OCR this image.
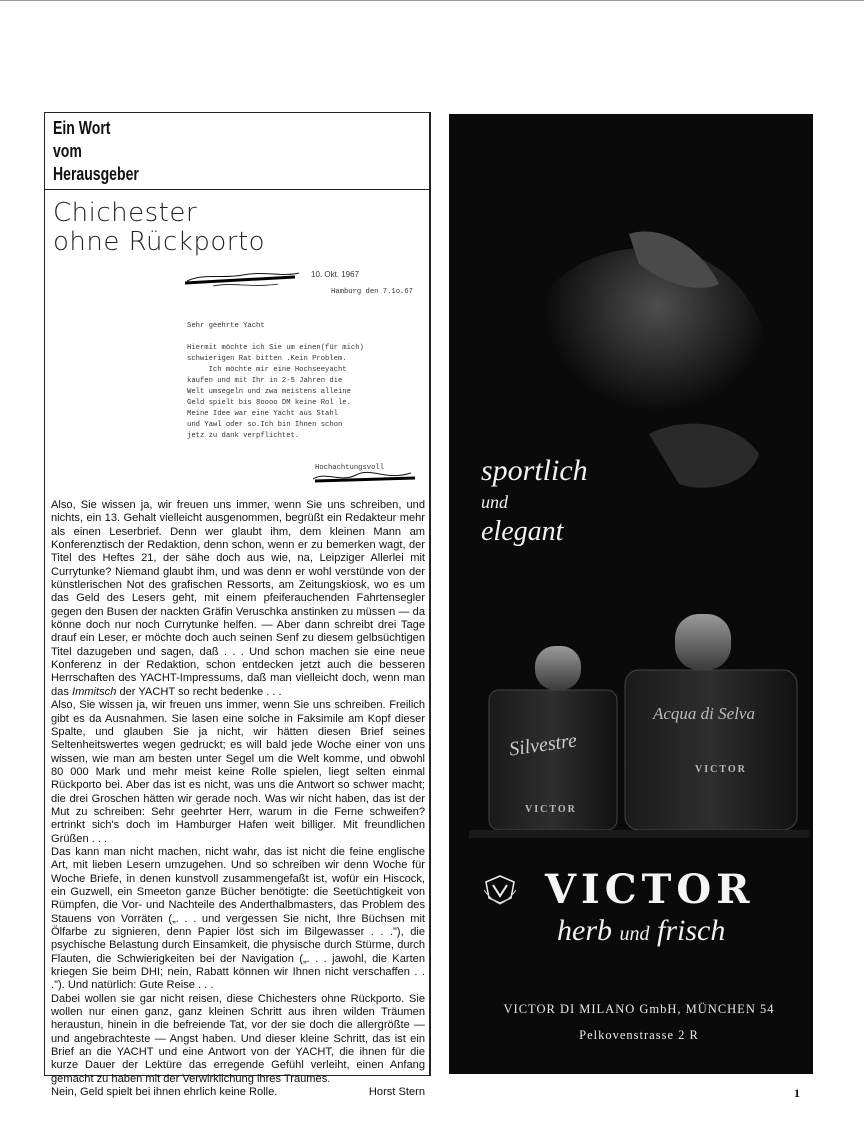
Ein Wort
vom
Herausgeber
Chichester
ohne Rückporto
10. Okt. 1967
Hamburg den 7.1o.67
Sehr geehrte Yacht

Hiermit möchte ich Sie um einen(für mich)
schwierigen Rat bitten .Kein Problem.
Ich möchte mir eine Hochseeyacht
kaufen und mit Ihr in 2-5 Jahren die
Welt umsegeln und zwa meistens alleine
Geld spielt bis 8oooo DM keine Rol le.
Meine Idee war eine Yacht aus Stahl
und Yawl oder so.Ich bin Ihnen schon
jetz zu dank verpflichtet.
Hochachtungsvoll

Also, Sie wissen ja, wir freuen uns immer, wenn Sie uns schreiben, und nichts, ein 13. Gehalt vielleicht ausgenommen, begrüßt ein Redakteur mehr als einen Leserbrief. Denn wer glaubt ihm, dem kleinen Mann am Konferenztisch der Redaktion, denn schon, wenn er zu bemerken wagt, der Titel des Heftes 21, der sähe doch aus wie, na, Leipziger Allerlei mit Currytunke? Niemand glaubt ihm, und was denn er wohl verstünde von der künstlerischen Not des grafischen Ressorts, am Zeitungskiosk, wo es um das Geld des Lesers geht, mit einem pfeiferauchenden Fahrtensegler gegen den Busen der nackten Gräfin Veruschka anstinken zu müssen — da könne doch nur noch Currytunke helfen. — Aber dann schreibt drei Tage drauf ein Leser, er möchte doch auch seinen Senf zu diesem gelbsüchtigen Titel dazugeben und sagen, daß . . . Und schon machen sie eine neue Konferenz in der Redaktion, schon entdecken jetzt auch die besseren Herrschaften des YACHT-Impressums, daß man vielleicht doch, wenn man das Immitsch der YACHT so recht bedenke . . .

Also, Sie wissen ja, wir freuen uns immer, wenn Sie uns schreiben. Freilich gibt es da Ausnahmen. Sie lasen eine solche in Faksimile am Kopf dieser Spalte, und glauben Sie ja nicht, wir hätten diesen Brief seines Seltenheitswertes wegen gedruckt; es will bald jede Woche einer von uns wissen, wie man am besten unter Segel um die Welt komme, und obwohl 80 000 Mark und mehr meist keine Rolle spielen, liegt selten einmal Rückporto bei. Aber das ist es nicht, was uns die Antwort so schwer macht; die drei Groschen hätten wir gerade noch. Was wir nicht haben, das ist der Mut zu schreiben: Sehr geehrter Herr, warum in die Ferne schweifen? ertrinkt sich's doch im Hamburger Hafen weit billiger. Mit freundlichen Grüßen . . .

Das kann man nicht machen, nicht wahr, das ist nicht die feine englische Art, mit lieben Lesern umzugehen. Und so schreiben wir denn Woche für Woche Briefe, in denen kunstvoll zusammengefaßt ist, wofür ein Hiscock, ein Guzwell, ein Smeeton ganze Bücher benötigte: die Seetüchtigkeit von Rümpfen, die Vor- und Nachteile des Anderthalbmasters, das Problem des Stauens von Vorräten („. . . und vergessen Sie nicht, Ihre Büchsen mit Ölfarbe zu signieren, denn Papier löst sich im Bilgewasser . . ."), die psychische Belastung durch Einsamkeit, die physische durch Stürme, durch Flauten, die Schwierigkeiten bei der Navigation („. . . jawohl, die Karten kriegen Sie beim DHI; nein, Rabatt können wir Ihnen nicht verschaffen . . ."). Und natürlich: Gute Reise . . .

Dabei wollen sie gar nicht reisen, diese Chichesters ohne Rückporto. Sie wollen nur einen ganz, ganz kleinen Schritt aus ihren wilden Träumen heraustun, hinein in die befreiende Tat, vor der sie doch die allergrößte — und angebrachteste — Angst haben. Und dieser kleine Schritt, das ist ein Brief an die YACHT und eine Antwort von der YACHT, die ihnen für die kurze Dauer der Lektüre das erregende Gefühl verleiht, einen Anfang gemacht zu haben mit der Verwirklichung ihres Traumes.

Nein, Geld spielt bei ihnen ehrlich keine Rolle.	Horst Stern

Silvestre
VICTOR
Acqua di Selva
VICTOR
sportlich
und
elegant
VICTOR
herb und frisch
VICTOR DI MILANO GmbH, MÜNCHEN 54
Pelkovenstrasse 2 R
1
